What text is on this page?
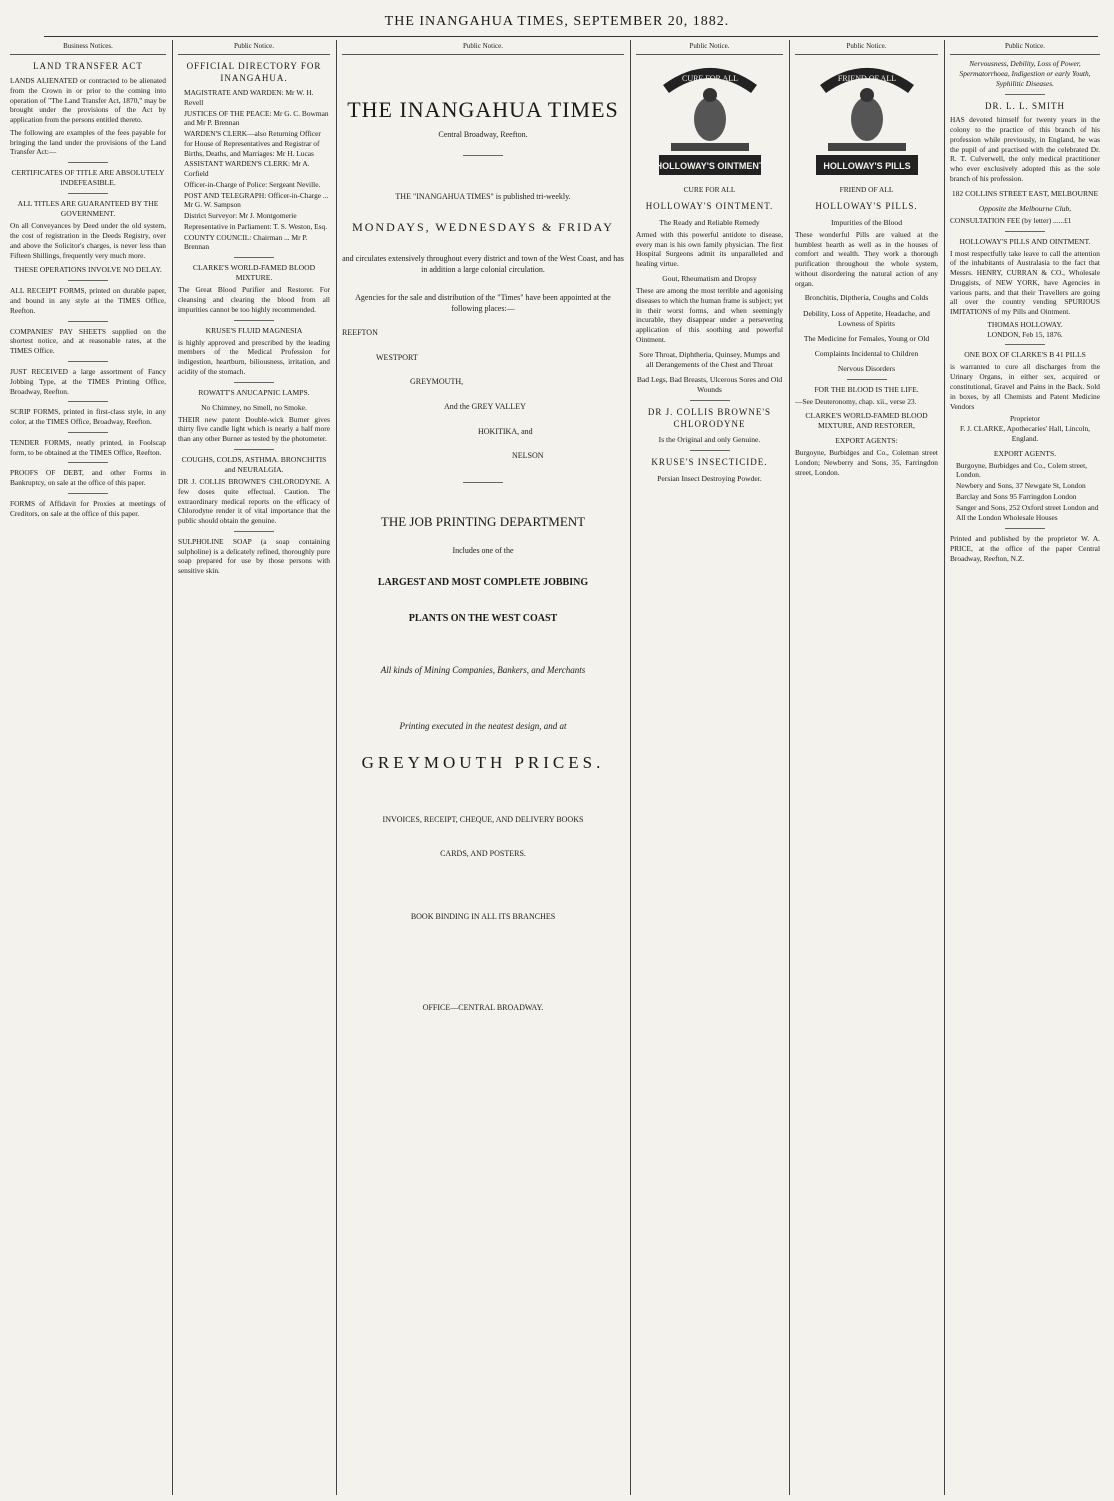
THE INANGAHUA TIMES, SEPTEMBER 20, 1882.
Business Notices.
LAND TRANSFER ACT

LANDS ALIENATED or contracted to be alienated from the Crown in or prior to the coming into operation of "The Land Transfer Act, 1870," may be brought under the provisions of the Act by application from the persons entitled thereto.

The following are examples of the fees payable for bringing the land under the provisions of the Land Transfer Act:—

CERTIFICATES OF TITLE ARE ABSOLUTELY INDEFEASIBLE.
ALL TITLES ARE GUARANTEED BY THE GOVERNMENT.

On all Conveyances by Deed under the old system, the cost of registration in the Deeds Registry, over and above the Solicitor's charges, is never less than Fifteen Shillings, frequently very much more.

THESE OPERATIONS INVOLVE NO DELAY.

ALL RECEIPT FORMS, printed on durable paper, and bound in any style at the TIMES Office, Reefton.

COMPANIES' PAY SHEETS supplied on the shortest notice, and at reasonable rates, at the TIMES Office.

JUST RECEIVED a large assortment of Fancy Jobbing Type, at the TIMES Printing Office, Broadway, Reefton.

SCRIP FORMS, printed in first-class style, in any color, at the TIMES Office, Broadway, Reefton.

TENDER FORMS, neatly printed, in Foolscap form, to be obtained at the TIMES Office, Reefton.

PROOFS OF DEBT, and other Forms in Bankruptcy, on sale at the office of this paper.

FORMS of Affidavit for Proxies at meetings of Creditors, on sale at the office of this paper.

Public Notice.
OFFICIAL DIRECTORY FOR INANGAHUA.
MAGISTRATE AND WARDEN: Mr W. H. Revell
JUSTICES OF THE PEACE: Mr G. C. Bowman and Mr P. Brennan
WARDEN'S CLERK—also Returning Officer for House of Representatives and Registrar of Births, Deaths, and Marriages: Mr H. Lucas
ASSISTANT WARDEN'S CLERK: Mr A. Corfield
Officer-in-Charge of Police: Sergeant Neville.
POST AND TELEGRAPH: Officer-in-Charge ... Mr G. W. Sampson
District Surveyor: Mr J. Montgomerie
Representative in Parliament: T. S. Weston, Esq.
COUNTY COUNCIL: Chairman ... Mr P. Brennan
CLARKE'S WORLD-FAMED BLOOD MIXTURE.

The Great Blood Purifier and Restorer. For cleansing and clearing the blood from all impurities cannot be too highly recommended.

KRUSE'S FLUID MAGNESIA

is highly approved and prescribed by the leading members of the Medical Profession for indigestion, heartburn, biliousness, irritation, and acidity of the stomach.

ROWATT'S ANUCAPNIC LAMPS.
No Chimney, no Smell, no Smoke.

THEIR new patent Double-wick Burner gives thirty five candle light which is nearly a half more than any other Burner as tested by the photometer.

COUGHS, COLDS, ASTHMA. BRONCHITIS and NEURALGIA.

DR J. COLLIS BROWNE'S CHLORODYNE. A few doses quite effectual. Caution. The extraordinary medical reports on the efficacy of Chlorodyne render it of vital importance that the public should obtain the genuine.

SULPHOLINE SOAP (a soap containing sulpholine) is a delicately refined, thoroughly pure soap prepared for use by those persons with sensitive skin.

Public Notice.
THE INANGAHUA TIMES
Central Broadway, Reefton.
THE "INANGAHUA TIMES" is published tri-weekly.
MONDAYS, WEDNESDAYS & FRIDAY

and circulates extensively throughout every district and town of the West Coast, and has in addition a large colonial circulation.

Agencies for the sale and distribution of the "Times" have been appointed at the following places:—

REEFTON
WESTPORT
GREYMOUTH,
And the GREY VALLEY
HOKITIKA, and
NELSON
THE JOB PRINTING DEPARTMENT
Includes one of the
LARGEST AND MOST COMPLETE JOBBING
PLANTS ON THE WEST COAST
All kinds of Mining Companies, Bankers, and Merchants
Printing executed in the neatest design, and at
GREYMOUTH PRICES.
INVOICES, RECEIPT, CHEQUE, AND DELIVERY BOOKS
CARDS, AND POSTERS.
BOOK BINDING IN ALL ITS BRANCHES
OFFICE—CENTRAL BROADWAY.
Public Notice.
CURE FOR ALL
HOLLOWAY'S OINTMENT
CURE FOR ALL
HOLLOWAY'S OINTMENT.
The Ready and Reliable Remedy

Armed with this powerful antidote to disease, every man is his own family physician. The first Hospital Surgeons admit its unparalleled and healing virtue.

Gout, Rheumatism and Dropsy

These are among the most terrible and agonising diseases to which the human frame is subject; yet in their worst forms, and when seemingly incurable, they disappear under a persevering application of this soothing and powerful Ointment.

Sore Throat, Diphtheria, Quinsey, Mumps and all Derangements of the Chest and Throat
Bad Legs, Bad Breasts, Ulcerous Sores and Old Wounds
DR J. COLLIS BROWNE'S CHLORODYNE
Is the Original and only Genuine.
KRUSE'S INSECTICIDE.
Persian Insect Destroying Powder.
Public Notice.
FRIEND OF ALL
HOLLOWAY'S PILLS
FRIEND OF ALL
HOLLOWAY'S PILLS.
Impurities of the Blood

These wonderful Pills are valued at the humblest hearth as well as in the houses of comfort and wealth. They work a thorough purification throughout the whole system, without disordering the natural action of any organ.

Bronchitis, Diptheria, Coughs and Colds
Debility, Loss of Appetite, Headache, and Lowness of Spirits
The Medicine for Females, Young or Old
Complaints Incidental to Children
Nervous Disorders
FOR THE BLOOD IS THE LIFE.

—See Deuteronomy, chap. xii., verse 23.

CLARKE'S WORLD-FAMED BLOOD MIXTURE, AND RESTORER,
EXPORT AGENTS:

Burgoyne, Burbidges and Co., Coleman street London; Newberry and Sons, 35, Farringdon street, London.

Public Notice.

Nervousness, Debility, Loss of Power, Spermatorrhoea, Indigestion or early Youth, Syphilitic Diseases.

DR. L. L. SMITH

HAS devoted himself for twenty years in the colony to the practice of this branch of his profession while previously, in England, he was the pupil of and practised with the celebrated Dr. R. T. Culverwell, the only medical practitioner who ever exclusively adopted this as the sole branch of his profession.

182 COLLINS STREET EAST, MELBOURNE
Opposite the Melbourne Club,

CONSULTATION FEE (by letter) ......£1

HOLLOWAY'S PILLS AND OINTMENT.

I most respectfully take leave to call the attention of the inhabitants of Australasia to the fact that Messrs. HENRY, CURRAN & CO., Wholesale Druggists, of NEW YORK, have Agencies in various parts, and that their Travellers are going all over the country vending SPURIOUS IMITATIONS of my Pills and Ointment.

THOMAS HOLLOWAY.
LONDON, Feb 15, 1876.
ONE BOX OF CLARKE'S B 41 PILLS

is warranted to cure all discharges from the Urinary Organs, in either sex, acquired or constitutional, Gravel and Pains in the Back. Sold in boxes, by all Chemists and Patent Medicine Vendors

Proprietor
F. J. CLARKE, Apothecaries' Hall, Lincoln, England.
EXPORT AGENTS.
Burgoyne, Burbidges and Co., Colem street, London.
Newbery and Sons, 37 Newgate St, London
Barclay and Sons 95 Farringdon London
Sanger and Sons, 252 Oxford street London and
All the London Wholesale Houses

Printed and published by the proprietor W. A. PRICE, at the office of the paper Central Broadway, Reefton, N.Z.
